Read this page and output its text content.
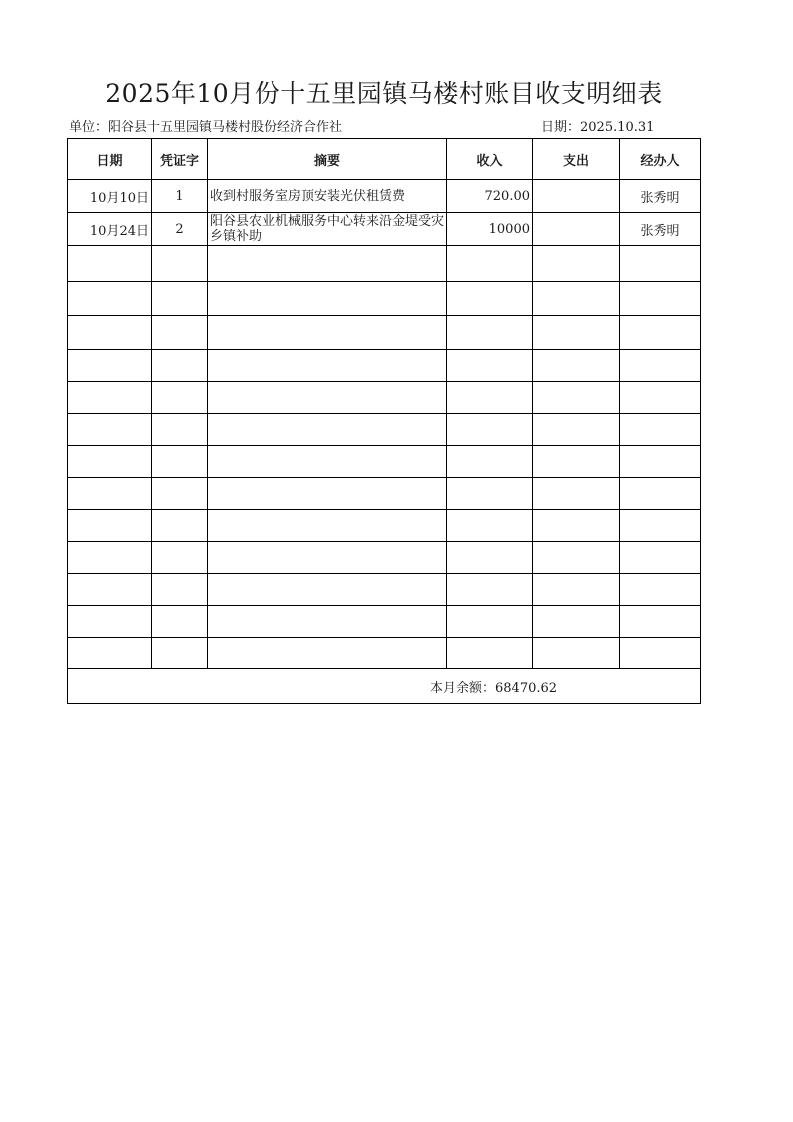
2025年10月份十五里园镇马楼村账目收支明细表
单位：阳谷县十五里园镇马楼村股份经济合作社	日期：2025.10.31
日期	凭证字	摘要	收入	支出	经办人
10月10日	1	收到村服务室房顶安装光伏租赁费	720.00		张秀明
10月24日	2	阳谷县农业机械服务中心转来沿金堤受灾乡镇补助	10000		张秀明

本月余额：68470.62					
